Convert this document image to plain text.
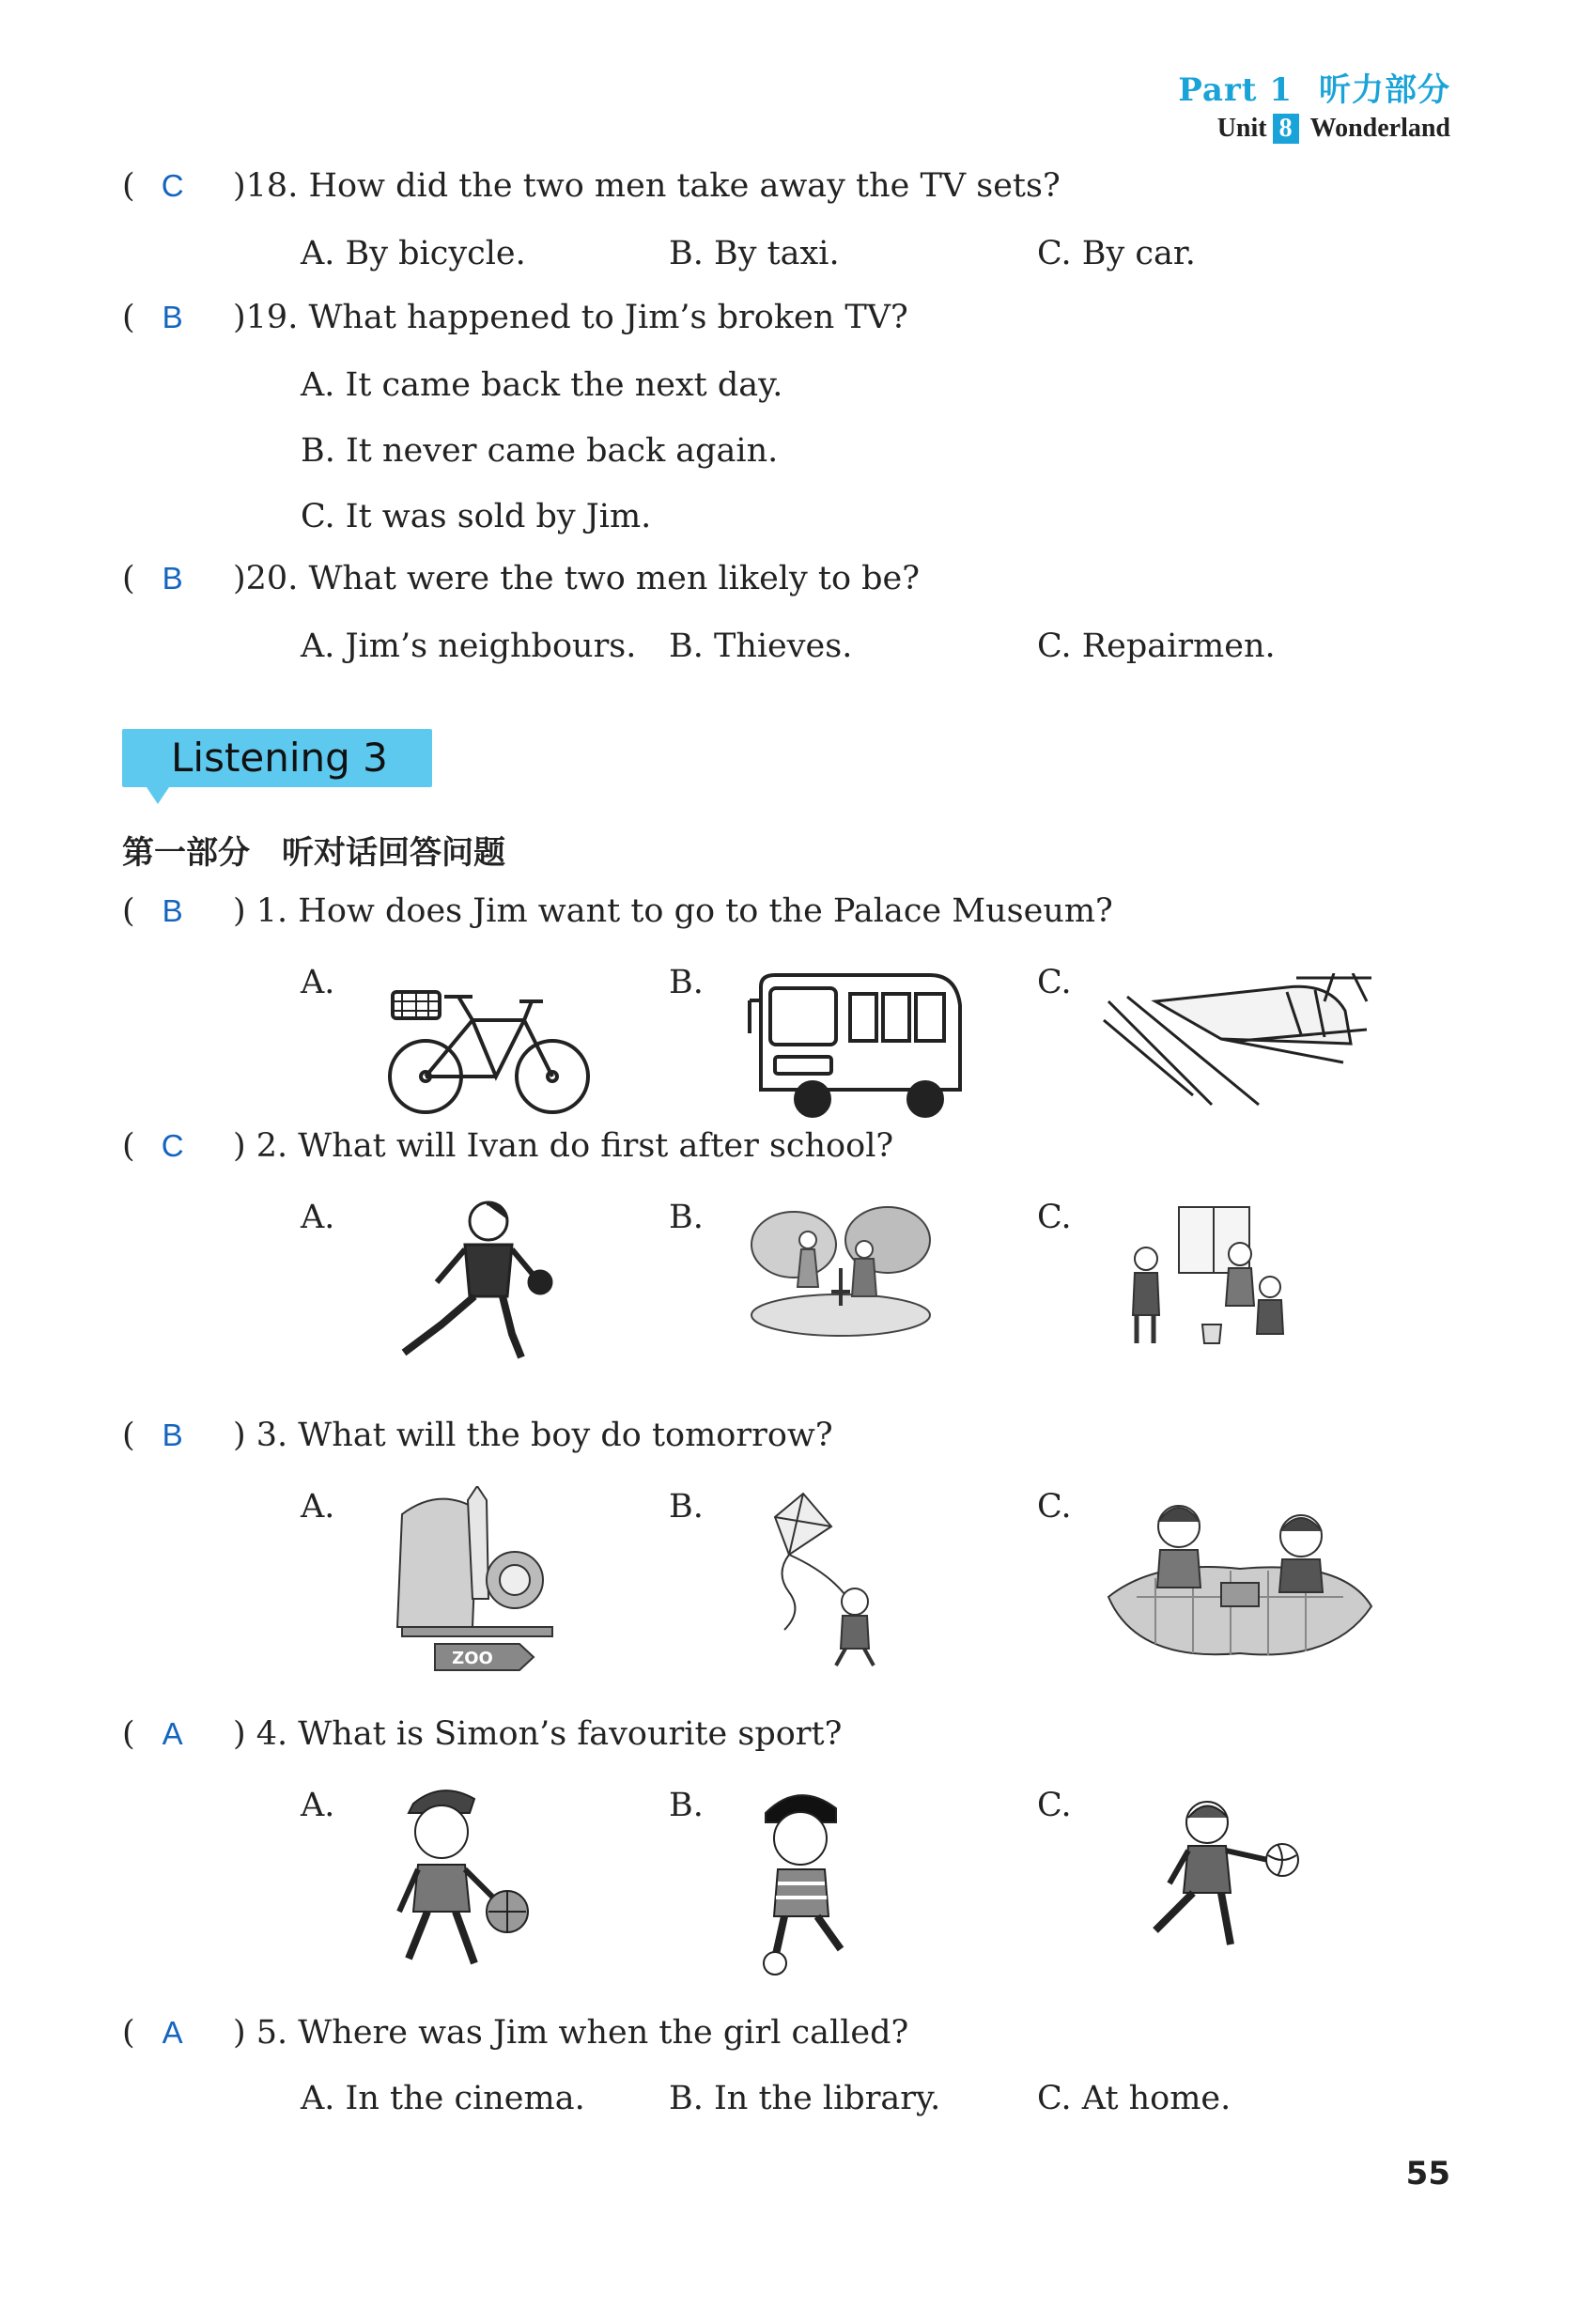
Part 1 听力部分
Unit 8 Wonderland
( C )18. How did the two men take away the TV sets?
A. By bicycle.	B. By taxi.	C. By car.
( B )19. What happened to Jim’s broken TV?
A. It came back the next day.
B. It never came back again.
C. It was sold by Jim.
( B )20. What were the two men likely to be?
A. Jim’s neighbours. B. Thieves.	C. Repairmen.
Listening 3
第一部分　听对话回答问题
( B ) 1. How does Jim want to go to the Palace Museum?
A.	B.	C.
( C ) 2. What will Ivan do first after school?
A.	B.	C.
( B ) 3. What will the boy do tomorrow?
A.	B.	C.
ZOO
( A ) 4. What is Simon’s favourite sport?
A.	B.	C.
( A ) 5. Where was Jim when the girl called?
A. In the cinema.	B. In the library.	C. At home.
55
